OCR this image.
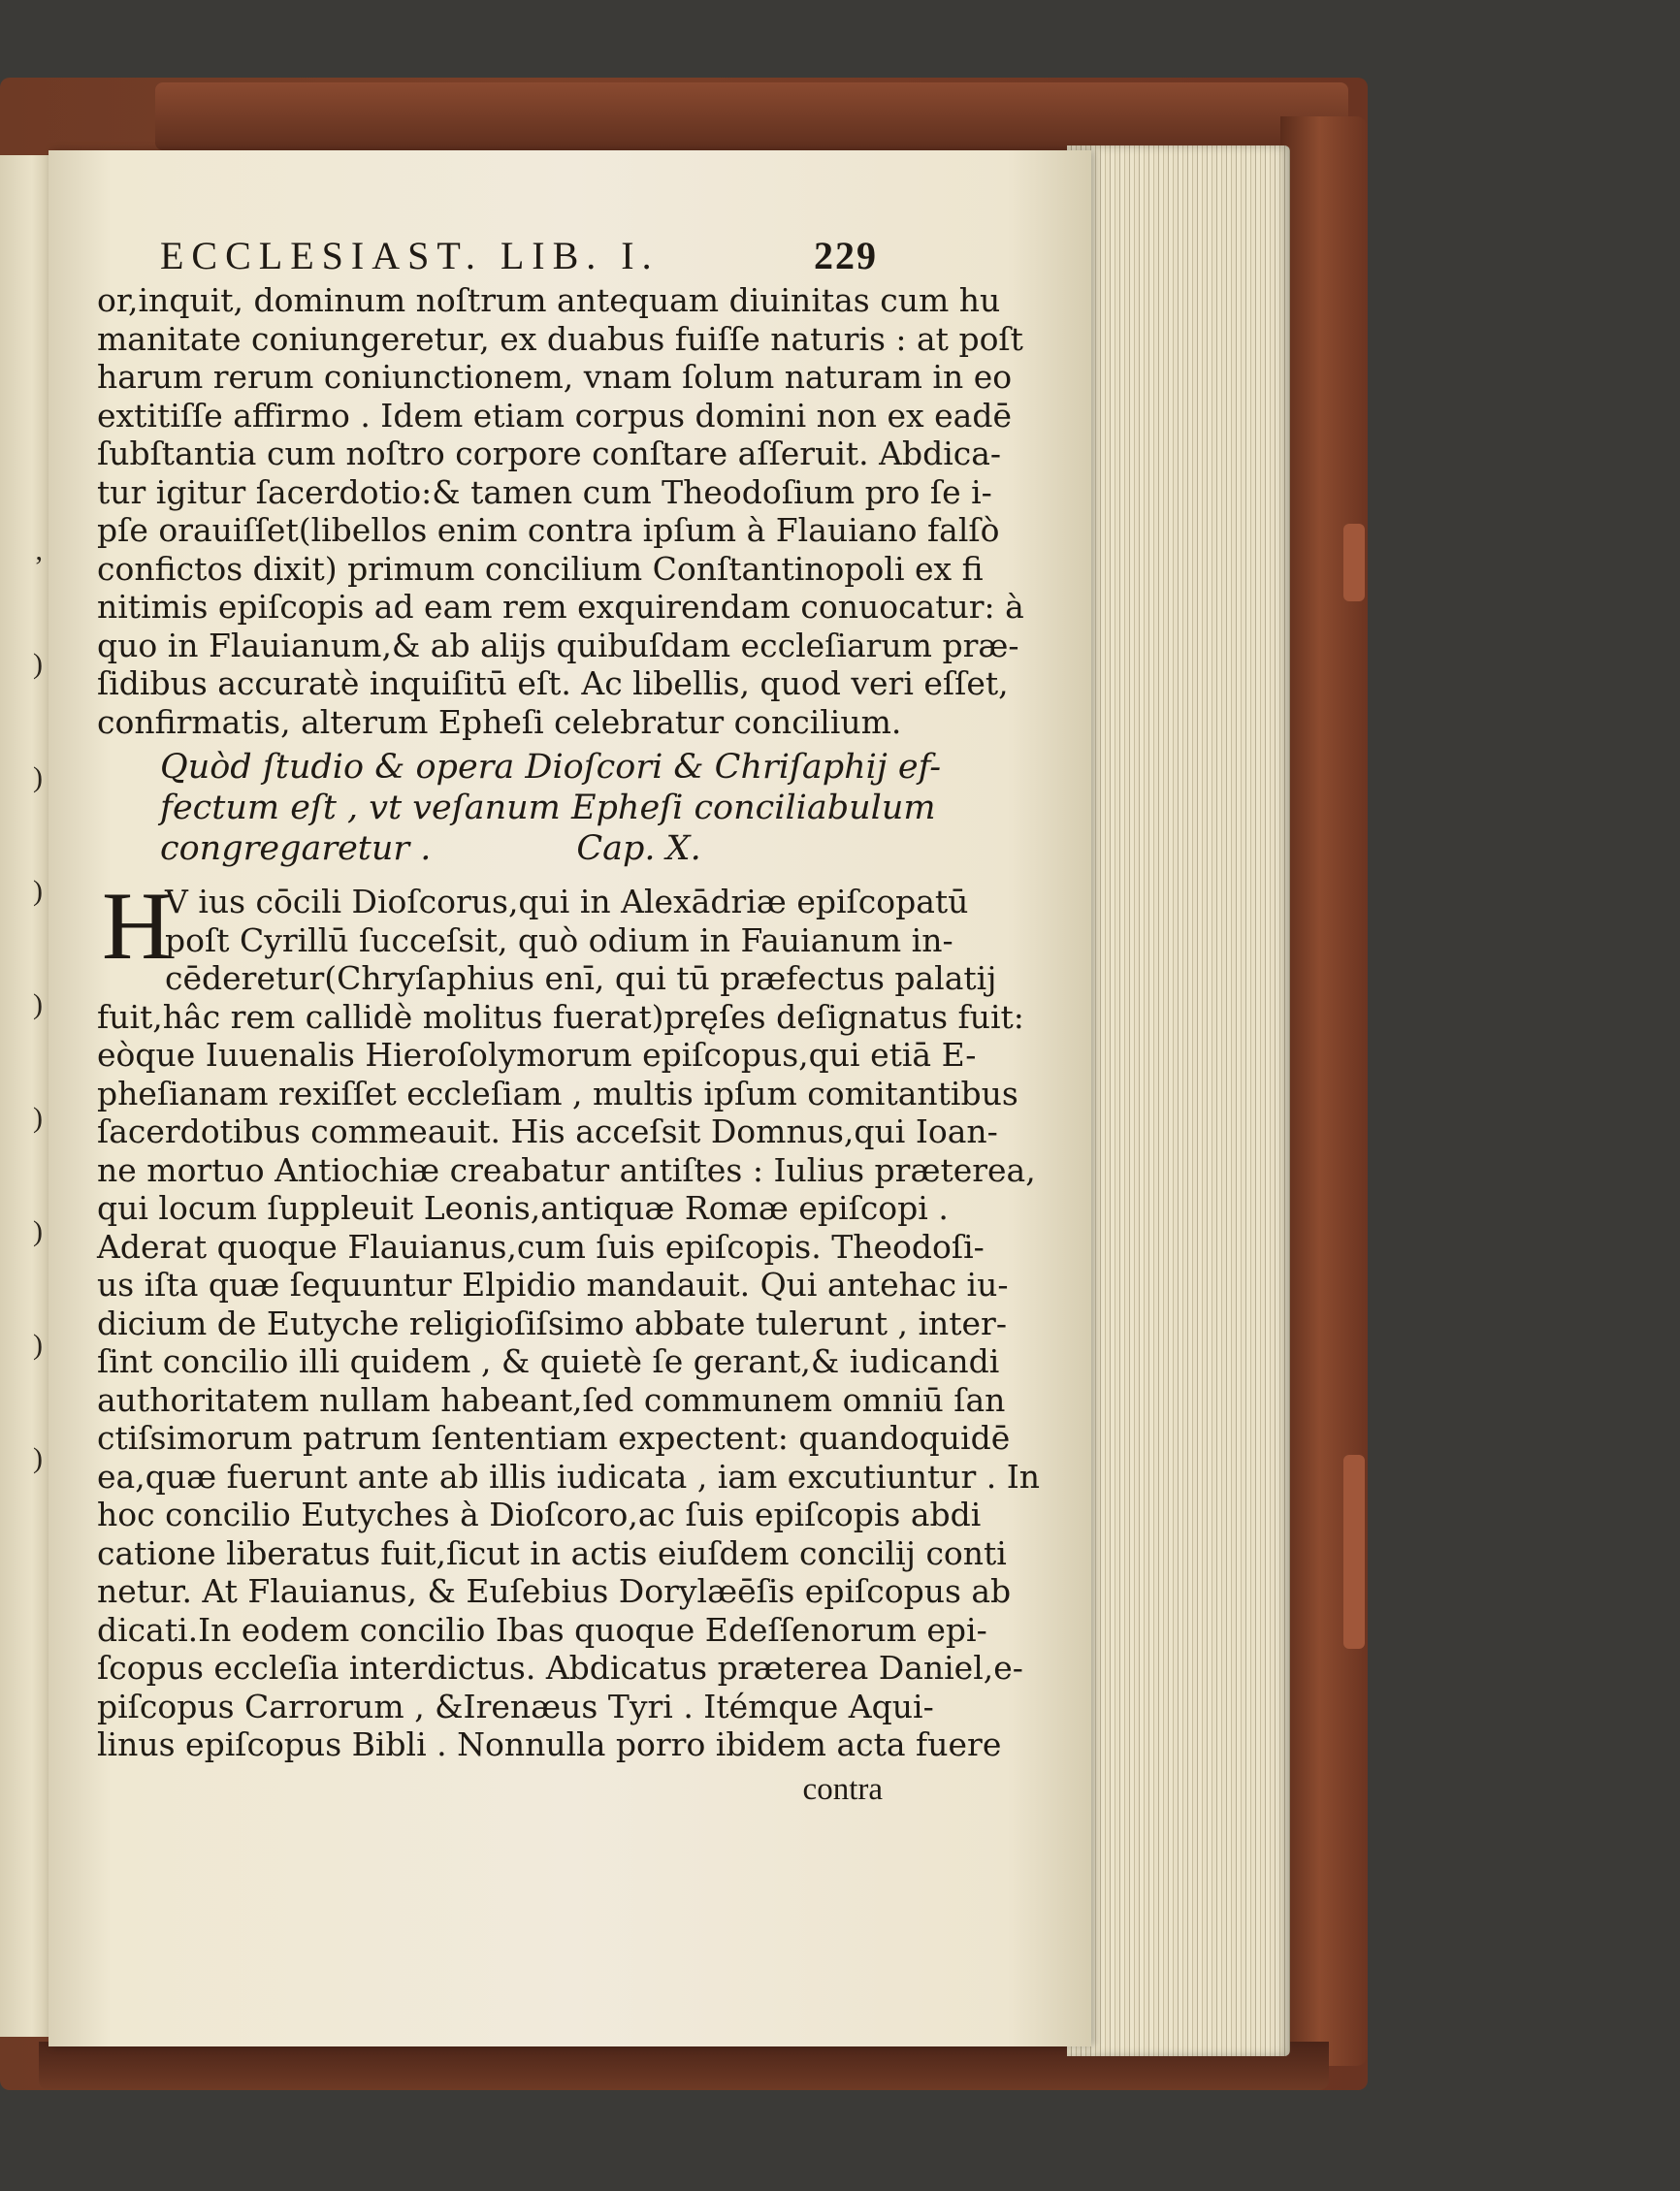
,

)

)

)

)

)

)

)

)

ECCLESIAST. LIB. I.	229
or,inquit, dominum noſtrum antequam diuinitas cum hu
manitate coniungeretur, ex duabus fuiſſe naturis : at poſt
harum rerum coniunctionem, vnam ſolum naturam in eo
extitiſſe affirmo . Idem etiam corpus domini non ex eadē
ſubſtantia cum noſtro corpore conſtare aſſeruit. Abdica-
tur igitur ſacerdotio:& tamen cum Theodoſium pro ſe i-
pſe orauiſſet(libellos enim contra ipſum à Flauiano falſò
confictos dixit) primum concilium Conſtantinopoli ex fi
nitimis epiſcopis ad eam rem exquirendam conuocatur: à
quo in Flauianum,& ab alijs quibuſdam eccleſiarum præ-
ſidibus accuratè inquiſitū eſt. Ac libellis, quod veri eſſet,
confirmatis, alterum Epheſi celebratur concilium.
Quòd ſtudio & opera Dioſcori & Chriſaphij ef-
fectum eſt , vt veſanum Epheſi conciliabulum
congregaretur .	Cap. X.
H
V ius cōcili Dioſcorus,qui in Alexādriæ epiſcopatū
poſt Cyrillū ſucceſsit, quò odium in Fauianum in-
cēderetur(Chryſaphius enī, qui tū præfectus palatij
fuit,hâc rem callidè molitus fuerat)pręſes deſignatus fuit:
eòque Iuuenalis Hieroſolymorum epiſcopus,qui etiā E-
pheſianam rexiſſet eccleſiam , multis ipſum comitantibus
ſacerdotibus commeauit. His acceſsit Domnus,qui Ioan-
ne mortuo Antiochiæ creabatur antiſtes : Iulius præterea,
qui locum ſuppleuit Leonis,antiquæ Romæ epiſcopi .
Aderat quoque Flauianus,cum ſuis epiſcopis. Theodoſi-
us iſta quæ ſequuntur Elpidio mandauit. Qui antehac iu-
dicium de Eutyche religioſiſsimo abbate tulerunt , inter-
ſint concilio illi quidem , & quietè ſe gerant,& iudicandi
authoritatem nullam habeant,ſed communem omniū ſan
ctiſsimorum patrum ſententiam expectent: quandoquidē
ea,quæ fuerunt ante ab illis iudicata , iam excutiuntur . In
hoc concilio Eutyches à Dioſcoro,ac ſuis epiſcopis abdi
catione liberatus fuit,ſicut in actis eiuſdem concilij conti
netur. At Flauianus, & Euſebius Dorylæēſis epiſcopus ab
dicati.In eodem concilio Ibas quoque Edeſſenorum epi-
ſcopus eccleſia interdictus. Abdicatus præterea Daniel,e-
piſcopus Carrorum , &Irenæus Tyri . Itémque Aqui-
linus epiſcopus Bibli . Nonnulla porro ibidem acta fuere
contra
